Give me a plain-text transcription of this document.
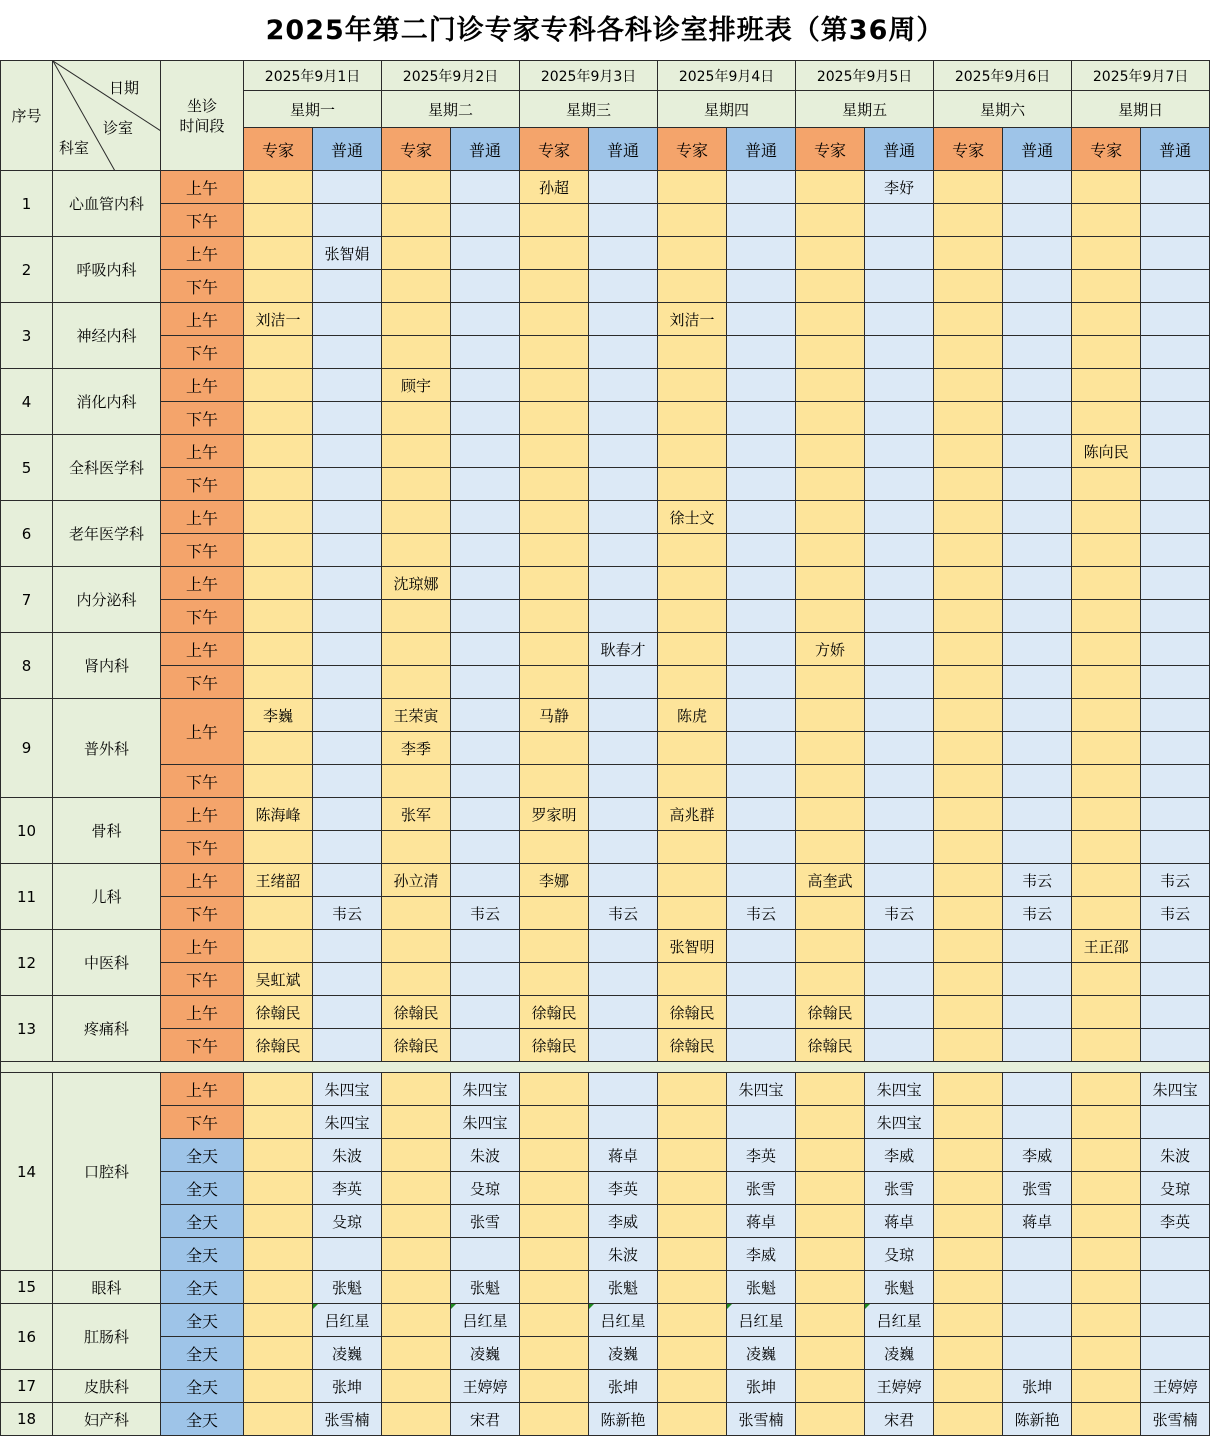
2025年第二门诊专家专科各科诊室排班表（第36周）
序号	日期
诊室
科室	坐诊
时间段	2025年9月1日		2025年9月2日		2025年9月3日		2025年9月4日		2025年9月5日		2025年9月6日		2025年9月7日	
			星期一		星期二		星期三		星期四		星期五		星期六		星期日	
			专家	普通	专家	普通	专家	普通	专家	普通	专家	普通	专家	普通	专家	普通
1	心血管内科	上午					孙超					李妤				
		下午														
2	呼吸内科	上午		张智娟												
		下午														
3	神经内科	上午	刘洁一						刘洁一							
		下午														
4	消化内科	上午			顾宇											
		下午														
5	全科医学科	上午													陈向民	
		下午														
6	老年医学科	上午							徐士文							
		下午														
7	内分泌科	上午			沈琼娜											
		下午														
8	肾内科	上午						耿春才			方娇					
		下午														
9	普外科	上午	李巍		王荣寅		马静		陈虎							
					李季											
		下午														
10	骨科	上午	陈海峰		张军		罗家明		高兆群							
		下午														
11	儿科	上午	王绪韶		孙立清		李娜				高奎武			韦云		韦云
		下午		韦云		韦云		韦云		韦云		韦云		韦云		韦云
12	中医科	上午							张智明						王正邵	
		下午	吴虹斌													
13	疼痛科	上午	徐翰民		徐翰民		徐翰民		徐翰民		徐翰民					
		下午	徐翰民		徐翰民		徐翰民		徐翰民		徐翰民					

14	口腔科	上午		朱四宝		朱四宝				朱四宝		朱四宝				朱四宝
		下午		朱四宝		朱四宝						朱四宝				
		全天		朱波		朱波		蒋卓		李英		李威		李威		朱波
		全天		李英		殳琼		李英		张雪		张雪		张雪		殳琼
		全天		殳琼		张雪		李威		蒋卓		蒋卓		蒋卓		李英
		全天						朱波		李威		殳琼				
15	眼科	全天		张魁		张魁		张魁		张魁		张魁				
16	肛肠科	全天		吕红星		吕红星		吕红星		吕红星		吕红星				
		全天		凌巍		凌巍		凌巍		凌巍		凌巍				
17	皮肤科	全天		张坤		王婷婷		张坤		张坤		王婷婷		张坤		王婷婷
18	妇产科	全天		张雪楠		宋君		陈新艳		张雪楠		宋君		陈新艳		张雪楠
